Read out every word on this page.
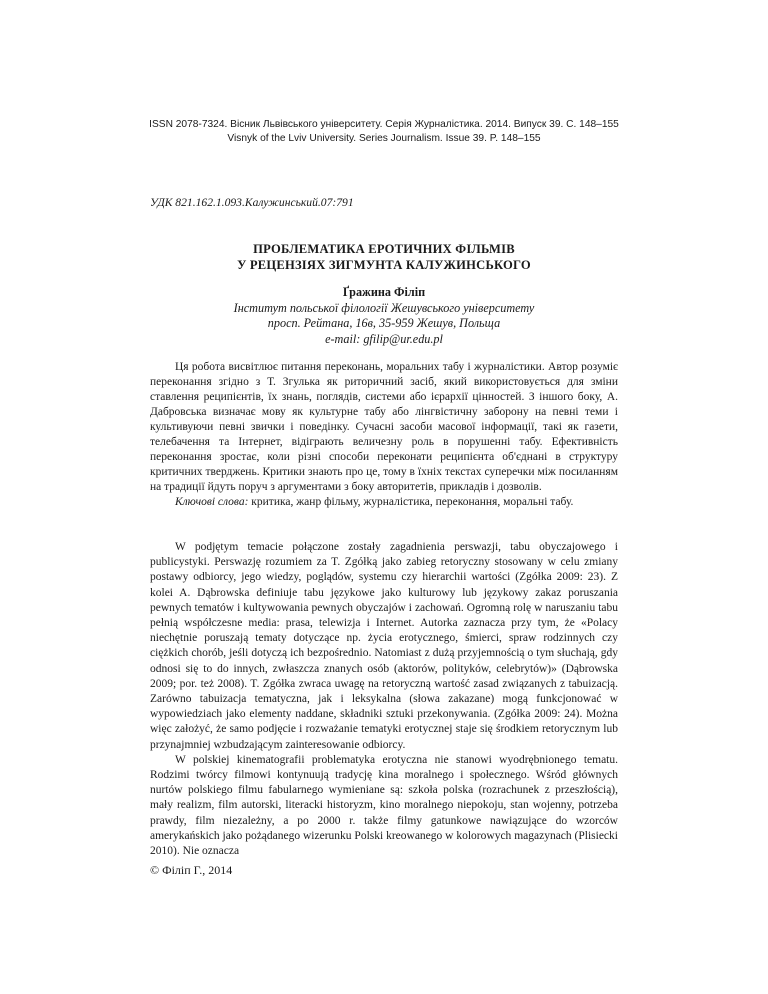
ISSN 2078-7324. Вісник Львівського університету. Серія Журналістика. 2014. Випуск 39. С. 148–155
Visnyk of the Lviv University. Series Journalism. Issue 39. P. 148–155
УДК 821.162.1.093.Калужинський.07:791
ПРОБЛЕМАТИКА ЕРОТИЧНИХ ФІЛЬМІВ
У РЕЦЕНЗІЯХ ЗИГМУНТА КАЛУЖИНСЬКОГО
Ґражина Філіп
Інститут польської філології Жешувського університету
просп. Рейтана, 16в, 35-959 Жешув, Польща
e-mail: gfilip@ur.edu.pl

Ця робота висвітлює питання переконань, моральних табу і журналістики. Автор розуміє переконання згідно з Т. Згулька як риторичний засіб, який використовується для зміни ставлення реципієнтів, їх знань, поглядів, системи або ієрархії цінностей. З іншого боку, А. Дабровська визначає мову як культурне табу або лінгвістичну заборону на певні теми і культивуючи певні звички і поведінку. Сучасні засоби масової інформації, такі як газети, телебачення та Інтернет, відіграють величезну роль в порушенні табу. Ефективність переконання зростає, коли різні способи переконати реципієнта об'єднані в структуру критичних тверджень. Критики знають про це, тому в їхніх текстах суперечки між посиланням на традиції йдуть поруч з аргументами з боку авторитетів, прикладів і дозволів.

Ключові слова: критика, жанр фільму, журналістика, переконання, моральні табу.

W podjętym temacie połączone zostały zagadnienia perswazji, tabu obyczajowego i publicystyki. Perswazję rozumiem za T. Zgółką jako zabieg retoryczny stosowany w celu zmiany postawy odbiorcy, jego wiedzy, poglądów, systemu czy hierarchii wartości (Zgółka 2009: 23). Z kolei A. Dąbrowska definiuje tabu językowe jako kulturowy lub językowy zakaz poruszania pewnych tematów i kultywowania pewnych obyczajów i zachowań. Ogromną rolę w naruszaniu tabu pełnią współczesne media: prasa, telewizja i Internet. Autorka zaznacza przy tym, że «Polacy niechętnie poruszają tematy dotyczące np. życia erotycznego, śmierci, spraw rodzinnych czy ciężkich chorób, jeśli dotyczą ich bezpośrednio. Natomiast z dużą przyjemnością o tym słuchają, gdy odnosi się to do innych, zwłaszcza znanych osób (aktorów, polityków, celebrytów)» (Dąbrowska 2009; por. też 2008). T. Zgółka zwraca uwagę na retoryczną wartość zasad związanych z tabuizacją. Zarówno tabuizacja tematyczna, jak i leksykalna (słowa zakazane) mogą funkcjonować w wypowiedziach jako elementy naddane, składniki sztuki przekonywania. (Zgółka 2009: 24). Można więc założyć, że samo podjęcie i rozważanie tematyki erotycznej staje się środkiem retorycznym lub przynajmniej wzbudzającym zainteresowanie odbiorcy.

W polskiej kinematografii problematyka erotyczna nie stanowi wyodrębnionego tematu. Rodzimi twórcy filmowi kontynuują tradycję kina moralnego i społecznego. Wśród głównych nurtów polskiego filmu fabularnego wymieniane są: szkoła polska (rozrachunek z przeszłością), mały realizm, film autorski, literacki historyzm, kino moralnego niepokoju, stan wojenny, potrzeba prawdy, film niezależny, a po 2000 r. także filmy gatunkowe nawiązujące do wzorców amerykańskich jako pożądanego wizerunku Polski kreowanego w kolorowych magazynach (Plisiecki 2010). Nie oznacza

© Філіп Г., 2014
